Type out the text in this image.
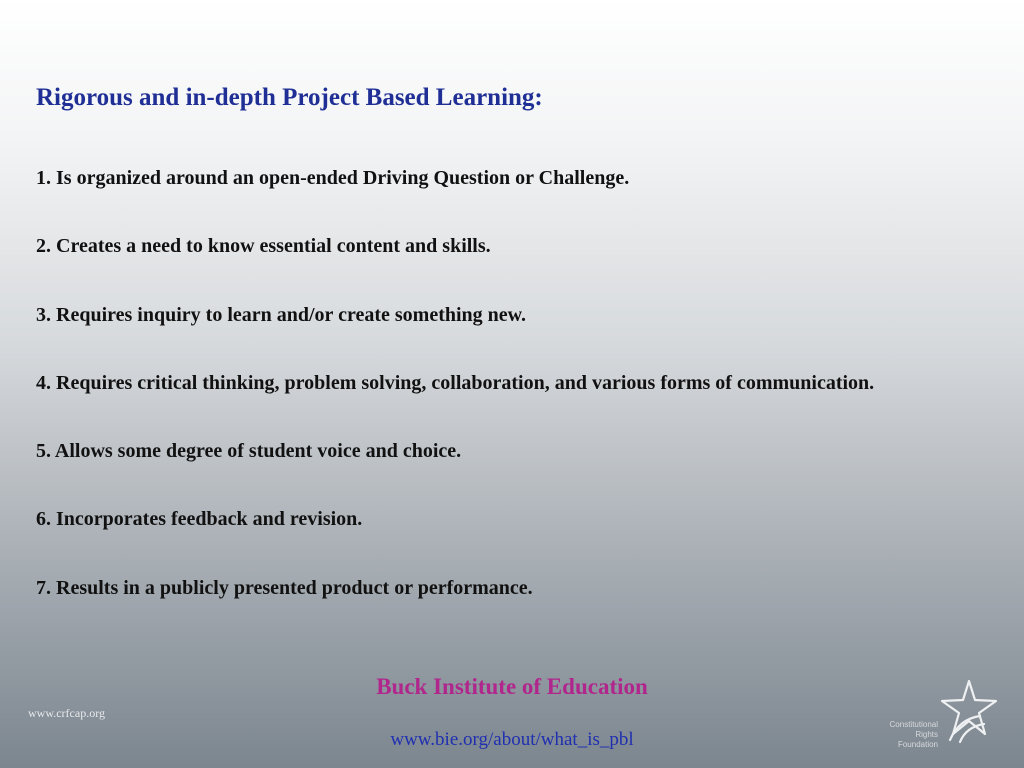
Rigorous and in-depth Project Based Learning:
1. Is organized around an open-ended Driving Question or Challenge.
2. Creates a need to know essential content and skills.
3. Requires inquiry to learn and/or create something new.
4. Requires critical thinking, problem solving, collaboration, and various forms of communication.
5. Allows some degree of student voice and choice.
6. Incorporates feedback and revision.
7. Results in a publicly presented product or performance.

Buck Institute of Education

www.bie.org/about/what_is_pbl
www.crfcap.org
Constitutional
Rights
Foundation
